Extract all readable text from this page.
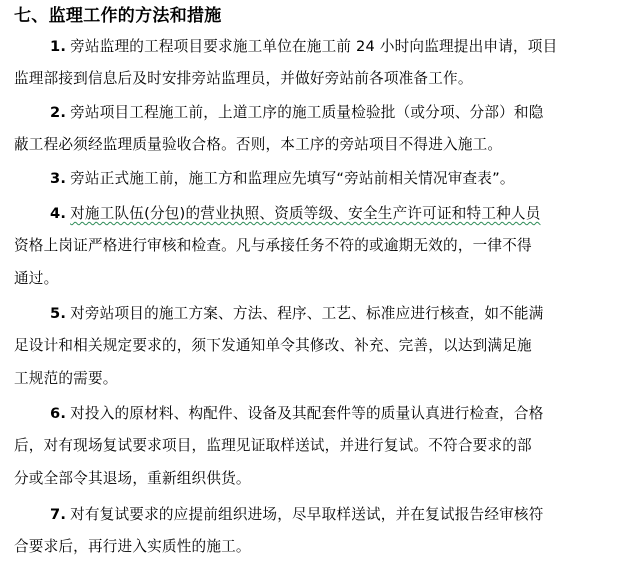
七、监理工作的方法和措施
1. 旁站监理的工程项目要求施工单位在施工前 24 小时向监理提出申请，项目
监理部接到信息后及时安排旁站监理员，并做好旁站前各项准备工作。
2. 旁站项目工程施工前，上道工序的施工质量检验批（或分项、分部）和隐
蔽工程必须经监理质量验收合格。否则，本工序的旁站项目不得进入施工。
3. 旁站正式施工前，施工方和监理应先填写“旁站前相关情况审查表”。
4. 对施工队伍(分包)的营业执照、资质等级、安全生产许可证和特工种人员
资格上岗证严格进行审核和检查。凡与承接任务不符的或逾期无效的，一律不得
通过。
5. 对旁站项目的施工方案、方法、程序、工艺、标准应进行核查，如不能满
足设计和相关规定要求的，须下发通知单令其修改、补充、完善，以达到满足施
工规范的需要。
6. 对投入的原材料、构配件、设备及其配套件等的质量认真进行检查，合格
后，对有现场复试要求项目，监理见证取样送试，并进行复试。不符合要求的部
分或全部令其退场，重新组织供货。
7. 对有复试要求的应提前组织进场，尽早取样送试，并在复试报告经审核符
合要求后，再行进入实质性的施工。
